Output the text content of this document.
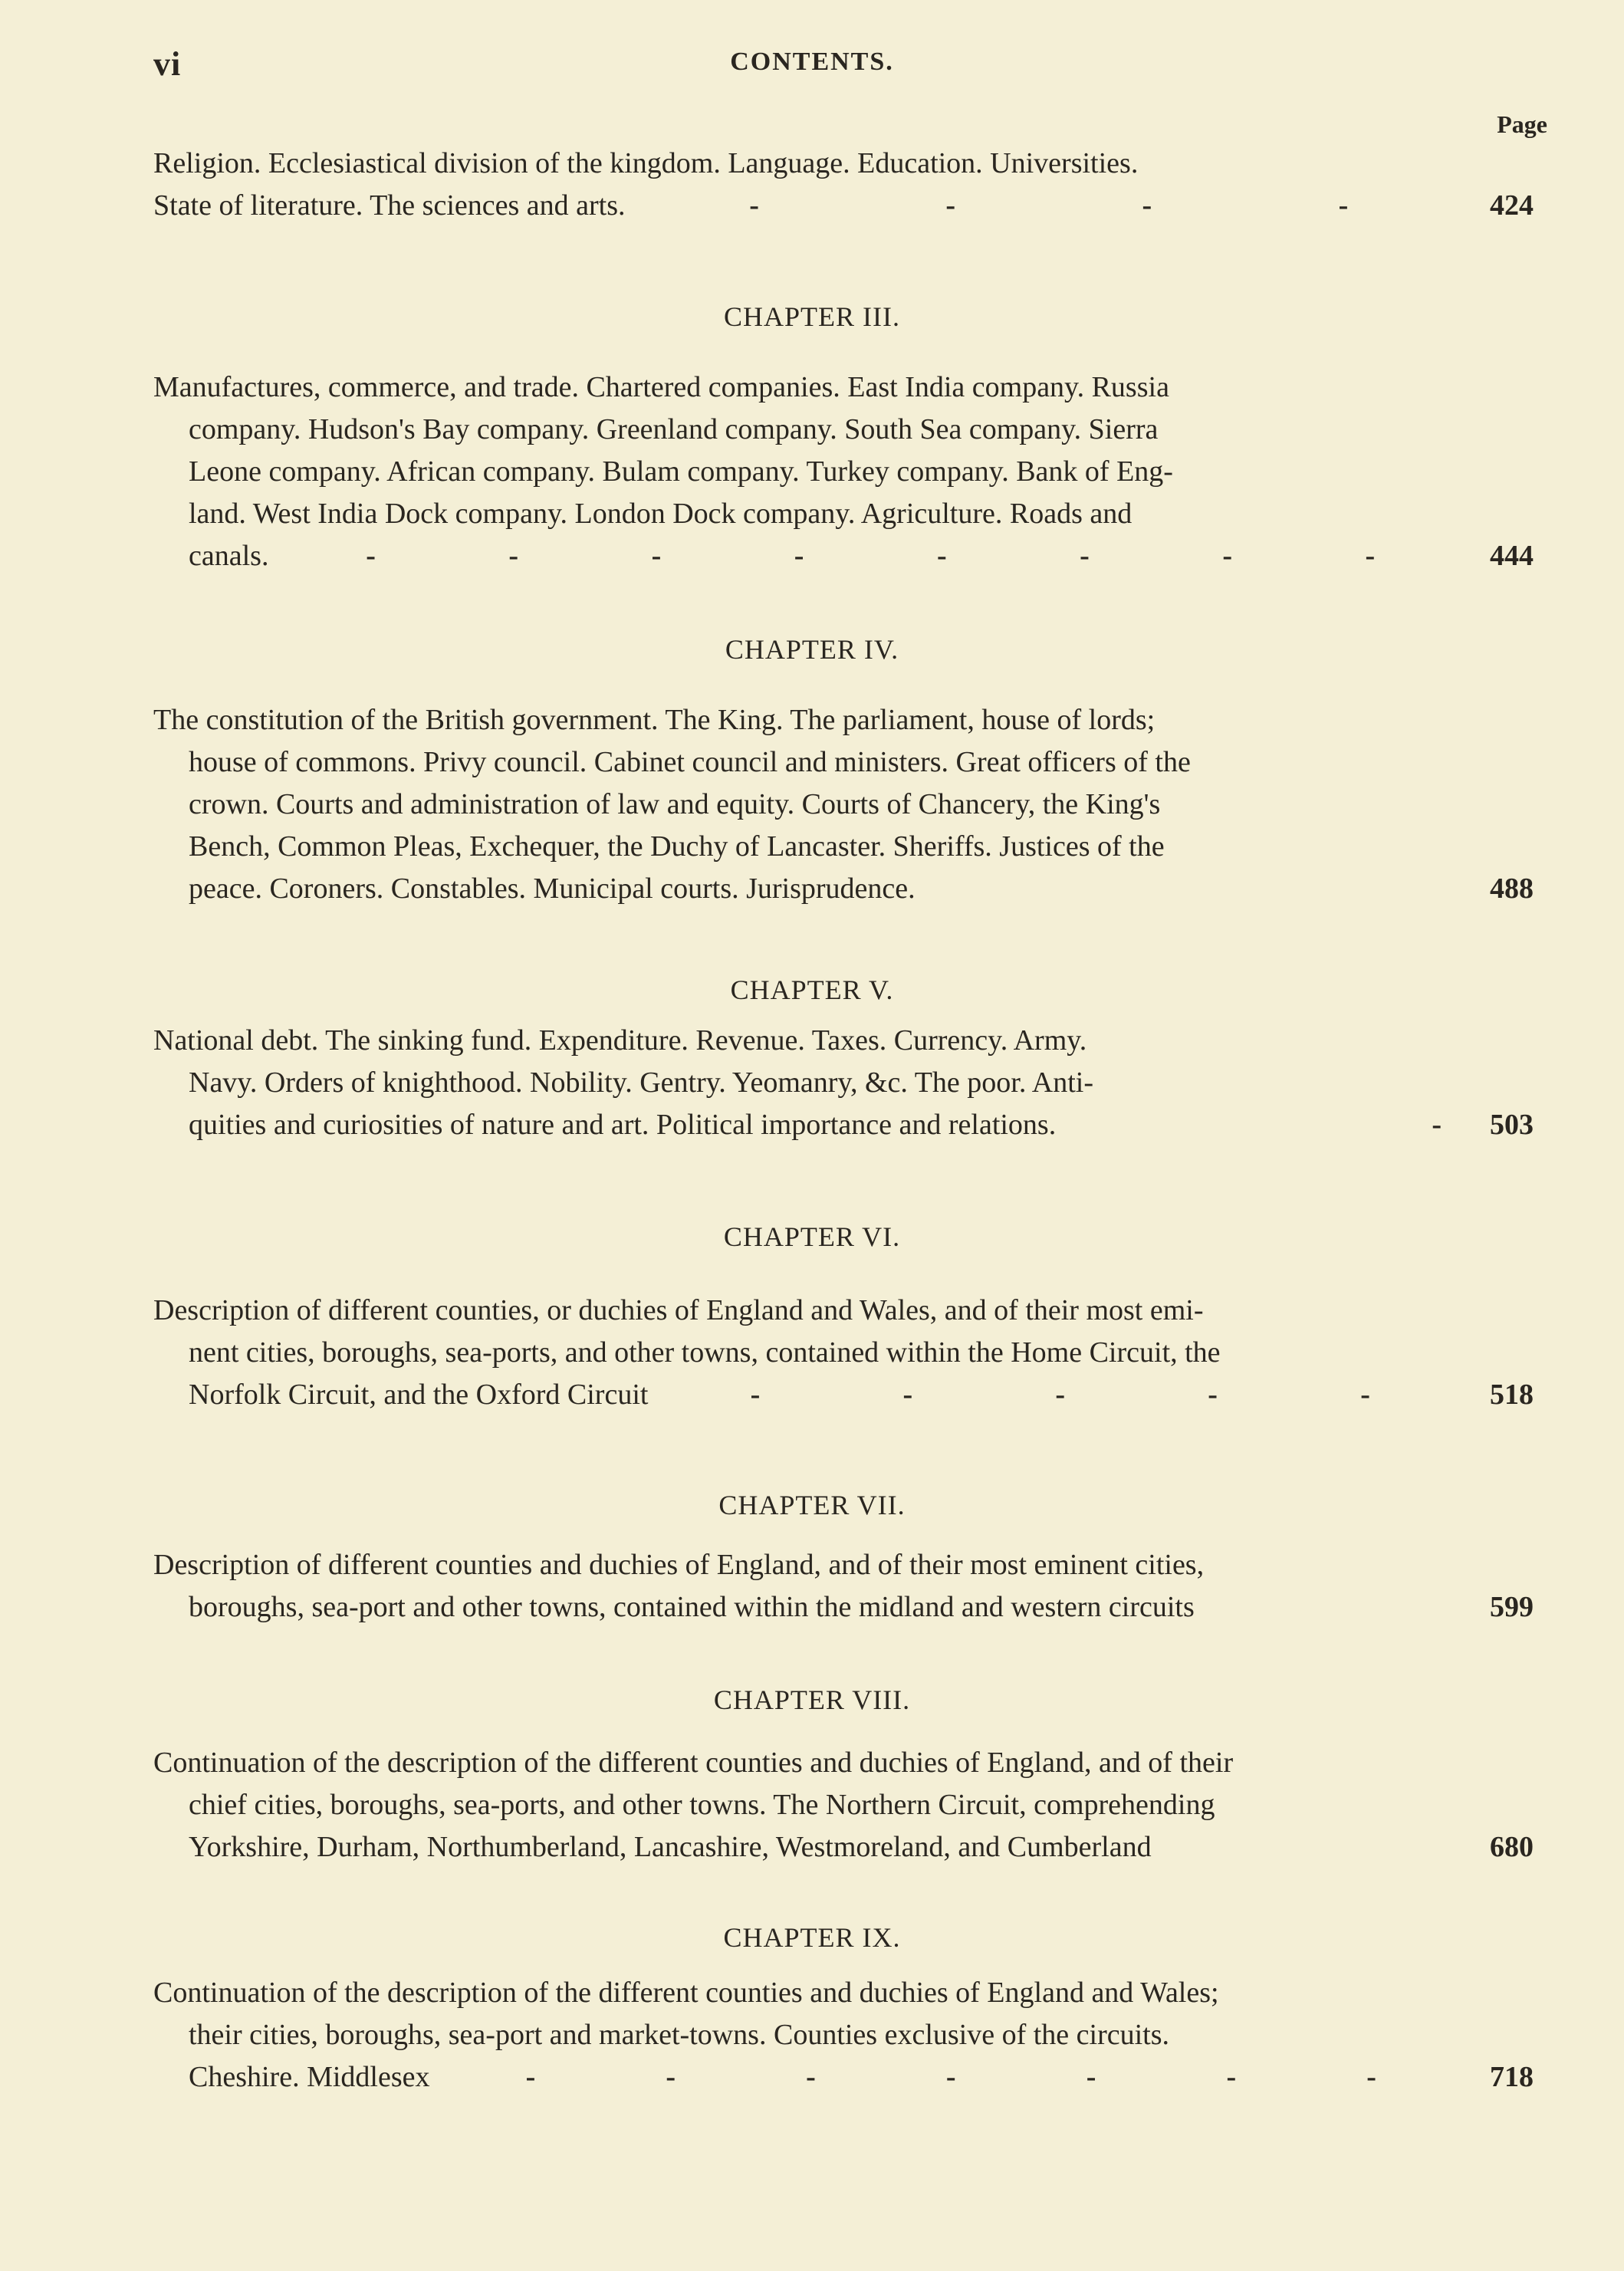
vi	CONTENTS.
Page
Religion. Ecclesiastical division of the kingdom. Language. Education. Universities.
State of literature. The sciences and arts.	-	-	-	-	424
CHAPTER III.
Manufactures, commerce, and trade. Chartered companies. East India company. Russia
company. Hudson's Bay company. Greenland company. South Sea company. Sierra
Leone company. African company. Bulam company. Turkey company. Bank of Eng-
land. West India Dock company. London Dock company. Agriculture. Roads and
canals.	-	-	-	-	-	-	-	-	444
CHAPTER IV.
The constitution of the British government. The King. The parliament, house of lords;
house of commons. Privy council. Cabinet council and ministers. Great officers of the
crown. Courts and administration of law and equity. Courts of Chancery, the King's
Bench, Common Pleas, Exchequer, the Duchy of Lancaster. Sheriffs. Justices of the
peace. Coroners. Constables. Municipal courts. Jurisprudence.	488
CHAPTER V.
National debt. The sinking fund. Expenditure. Revenue. Taxes. Currency. Army.
Navy. Orders of knighthood. Nobility. Gentry. Yeomanry, &c. The poor. Anti-
quities and curiosities of nature and art. Political importance and relations.	-	503
CHAPTER VI.
Description of different counties, or duchies of England and Wales, and of their most emi-
nent cities, boroughs, sea-ports, and other towns, contained within the Home Circuit, the
Norfolk Circuit, and the Oxford Circuit	-	-	-	-	-	518
CHAPTER VII.
Description of different counties and duchies of England, and of their most eminent cities,
boroughs, sea-port and other towns, contained within the midland and western circuits	599
CHAPTER VIII.
Continuation of the description of the different counties and duchies of England, and of their
chief cities, boroughs, sea-ports, and other towns. The Northern Circuit, comprehending
Yorkshire, Durham, Northumberland, Lancashire, Westmoreland, and Cumberland	680
CHAPTER IX.
Continuation of the description of the different counties and duchies of England and Wales;
their cities, boroughs, sea-port and market-towns. Counties exclusive of the circuits.
Cheshire. Middlesex	-	-	-	-	-	-	-	718
